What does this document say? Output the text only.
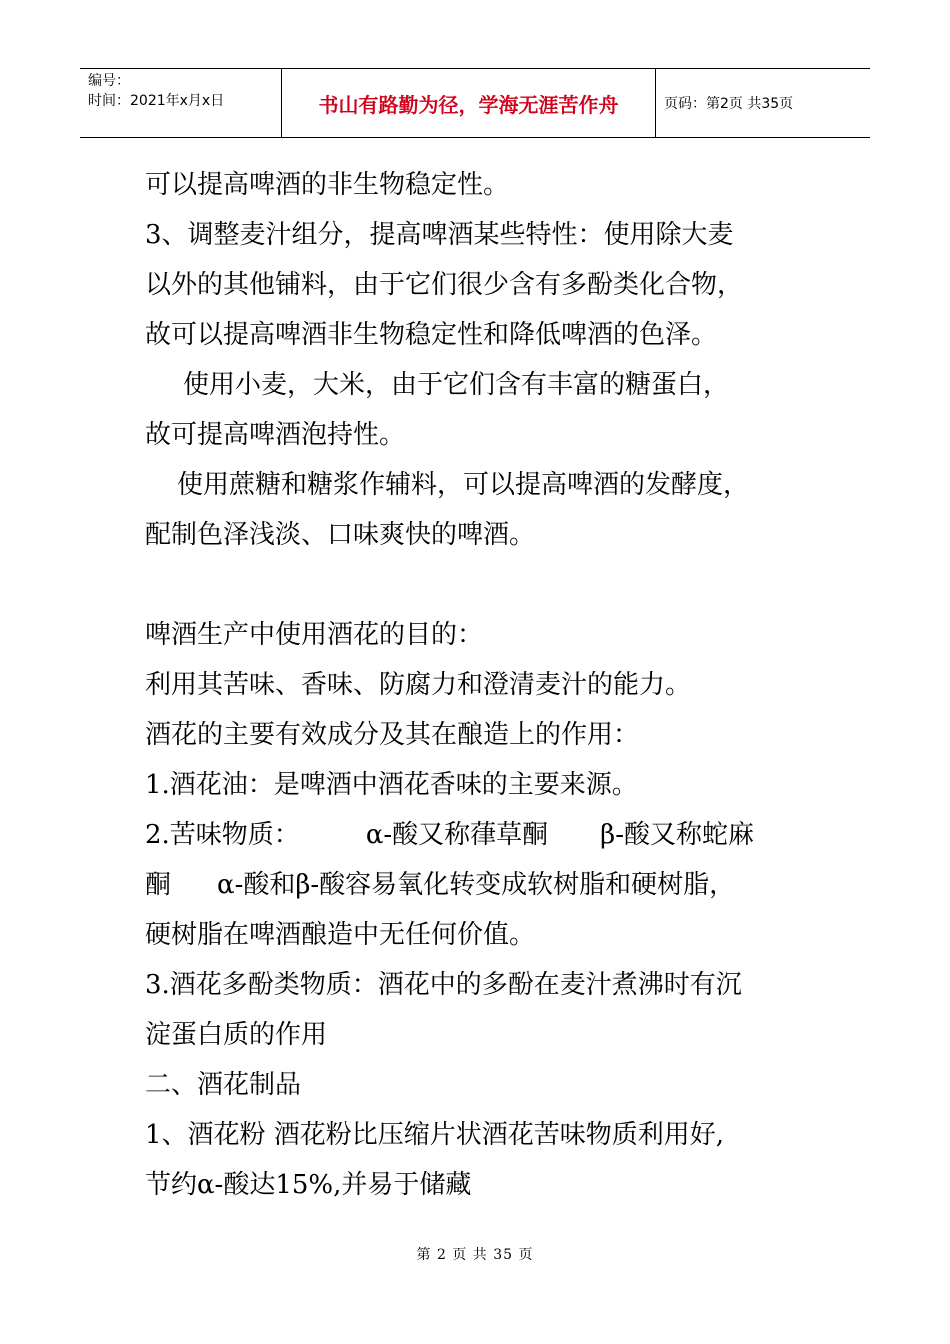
编号：
时间：2021年x月x日	书山有路勤为径，学海无涯苦作舟	页码：第2页 共35页
可以提高啤酒的非生物稳定性。
3、调整麦汁组分，提高啤酒某些特性：使用除大麦
以外的其他铺料，由于它们很少含有多酚类化合物，
故可以提高啤酒非生物稳定性和降低啤酒的色泽。
使用小麦，大米，由于它们含有丰富的糖蛋白，
故可提高啤酒泡持性。
使用蔗糖和糖浆作辅料，可以提高啤酒的发酵度，
配制色泽浅淡、口味爽快的啤酒。
啤酒生产中使用酒花的目的：
利用其苦味、香味、防腐力和澄清麦汁的能力。
酒花的主要有效成分及其在酿造上的作用：
1.酒花油：是啤酒中酒花香味的主要来源。
2.苦味物质：	α-酸又称葎草酮 β-酸又称蛇麻
酮 α-酸和β-酸容易氧化转变成软树脂和硬树脂，
硬树脂在啤酒酿造中无任何价值。
3.酒花多酚类物质：酒花中的多酚在麦汁煮沸时有沉
淀蛋白质的作用
二、酒花制品
1、酒花粉 酒花粉比压缩片状酒花苦味物质利用好,
节约α-酸达15%,并易于储藏
第 2 页 共 35 页
